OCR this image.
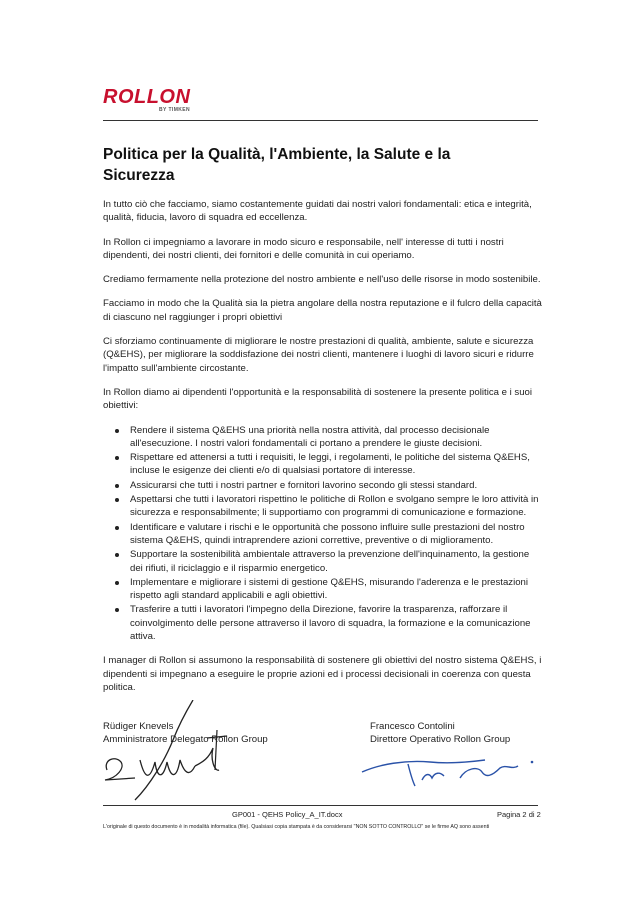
ROLLON
BY TIMKEN
Politica per la Qualità, l'Ambiente, la Salute e la Sicurezza

In tutto ciò che facciamo, siamo costantemente guidati dai nostri valori fondamentali: etica e integrità, qualità, fiducia, lavoro di squadra ed eccellenza.

In Rollon ci impegniamo a lavorare in modo sicuro e responsabile, nell' interesse di tutti i nostri dipendenti, dei nostri clienti, dei fornitori e delle comunità in cui operiamo.

Crediamo fermamente nella protezione del nostro ambiente e nell'uso delle risorse in modo sostenibile.

Facciamo in modo che la Qualità sia la pietra angolare della nostra reputazione e il fulcro della capacità di ciascuno nel raggiunger i propri obiettivi

Ci sforziamo continuamente di migliorare le nostre prestazioni di qualità, ambiente, salute e sicurezza (Q&EHS), per migliorare la soddisfazione dei nostri clienti, mantenere i luoghi di lavoro sicuri e ridurre l'impatto sull'ambiente circostante.

In Rollon diamo ai dipendenti l'opportunità e la responsabilità di sostenere la presente politica e i suoi obiettivi:

Rendere il sistema Q&EHS una priorità nella nostra attività, dal processo decisionale all'esecuzione. I nostri valori fondamentali ci portano a prendere le giuste decisioni.
Rispettare ed attenersi a tutti i requisiti, le leggi, i regolamenti, le politiche del sistema Q&EHS, incluse le esigenze dei clienti e/o di qualsiasi portatore di interesse.
Assicurarsi che tutti i nostri partner e fornitori lavorino secondo gli stessi standard.
Aspettarsi che tutti i lavoratori rispettino le politiche di Rollon e svolgano sempre le loro attività in sicurezza e responsabilmente; li supportiamo con programmi di comunicazione e formazione.
Identificare e valutare i rischi e le opportunità che possono influire sulle prestazioni del nostro sistema Q&EHS, quindi intraprendere azioni correttive, preventive o di miglioramento.
Supportare la sostenibilità ambientale attraverso la prevenzione dell'inquinamento, la gestione dei rifiuti, il riciclaggio e il risparmio energetico.
Implementare e migliorare i sistemi di gestione Q&EHS, misurando l'aderenza e le prestazioni rispetto agli standard applicabili e agli obiettivi.
Trasferire a tutti i lavoratori l'impegno della Direzione, favorire la trasparenza, rafforzare il coinvolgimento delle persone attraverso il lavoro di squadra, la formazione e la comunicazione attiva.

I manager di Rollon si assumono la responsabilità di sostenere gli obiettivi del nostro sistema Q&EHS, i dipendenti si impegnano a eseguire le proprie azioni ed i processi decisionali in coerenza con questa politica.

Rüdiger Knevels
Amministratore Delegato Rollon Group
Francesco Contolini
Direttore Operativo Rollon Group
GP001 - QEHS Policy_A_IT.docx	Pagina 2 di 2
L'originale di questo documento è in modalità informatica (file). Qualsiasi copia stampata è da considerarsi "NON SOTTO CONTROLLO" se le firme AQ sono assenti
